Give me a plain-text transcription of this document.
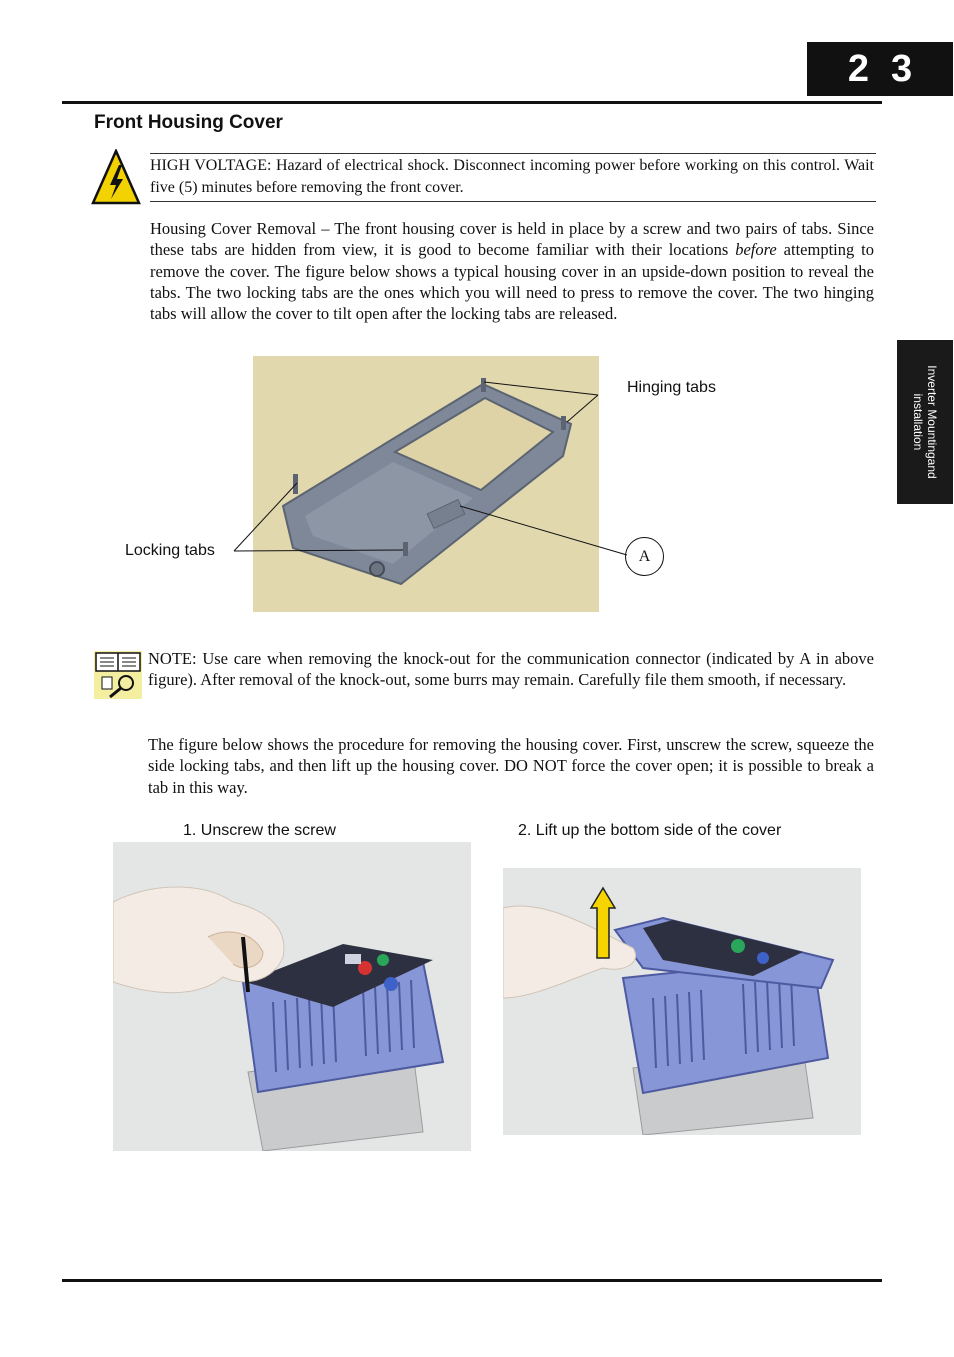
23
Front Housing Cover
HIGH VOLTAGE: Hazard of electrical shock. Disconnect incoming power before working on this control. Wait five (5) minutes before removing the front cover.
Housing Cover Removal – The front housing cover is held in place by a screw and two pairs of tabs. Since these tabs are hidden from view, it is good to become familiar with their locations before attempting to remove the cover. The figure below shows a typical housing cover in an upside-down position to reveal the tabs. The two locking tabs are the ones which you will need to press to remove the cover. The two hinging tabs will allow the cover to tilt open after the locking tabs are released.
Inverter Mountingand
installation
Hinging tabs
Locking tabs	A
NOTE: Use care when removing the knock-out for the communication connector (indicated by A in above figure). After removal of the knock-out, some burrs may remain. Carefully file them smooth, if necessary.
The figure below shows the procedure for removing the housing cover. First, unscrew the screw, squeeze the side locking tabs, and then lift up the housing cover. DO NOT force the cover open; it is possible to break a tab in this way.
1. Unscrew the screw	2. Lift up the bottom side of the cover
